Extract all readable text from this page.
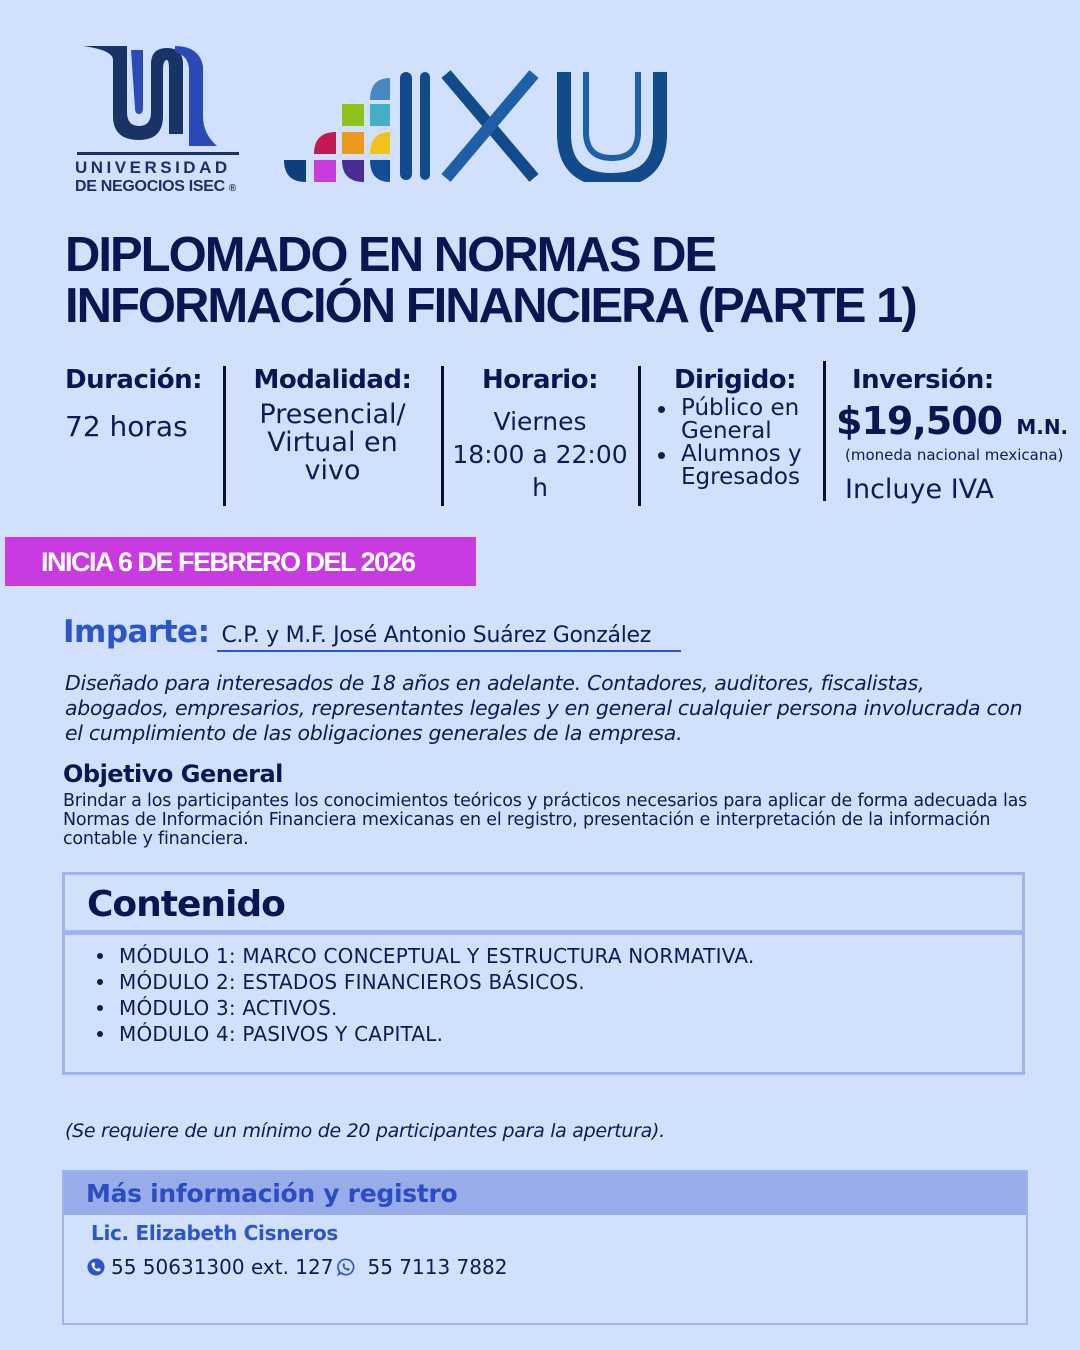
UNIVERSIDAD
DE NEGOCIOS ISEC ®
DIPLOMADO EN NORMAS DE
INFORMACIÓN FINANCIERA (PARTE 1)
Duración:
72 horas
Modalidad:
Presencial/ Virtual en vivo
Horario:
Viernes
18:00 a 22:00 h
Dirigido:
Público en General
Alumnos y Egresados
Inversión:
$19,500 M.N.
(moneda nacional mexicana)
Incluye IVA
INICIA 6 DE FEBRERO DEL 2026
Imparte: C.P. y M.F. José Antonio Suárez González
Diseñado para interesados de 18 años en adelante. Contadores, auditores, fiscalistas, abogados, empresarios, representantes legales y en general cualquier persona involucrada con el cumplimiento de las obligaciones generales de la empresa.
Objetivo General
Brindar a los participantes los conocimientos teóricos y prácticos necesarios para aplicar de forma adecuada las Normas de Información Financiera mexicanas en el registro, presentación e interpretación de la información contable y financiera.
Contenido
MÓDULO 1: MARCO CONCEPTUAL Y ESTRUCTURA NORMATIVA.
MÓDULO 2: ESTADOS FINANCIEROS BÁSICOS.
MÓDULO 3: ACTIVOS.
MÓDULO 4: PASIVOS Y CAPITAL.
(Se requiere de un mínimo de 20 participantes para la apertura).
Más información y registro
Lic. Elizabeth Cisneros
55 50631300 ext. 127 55 7113 7882
